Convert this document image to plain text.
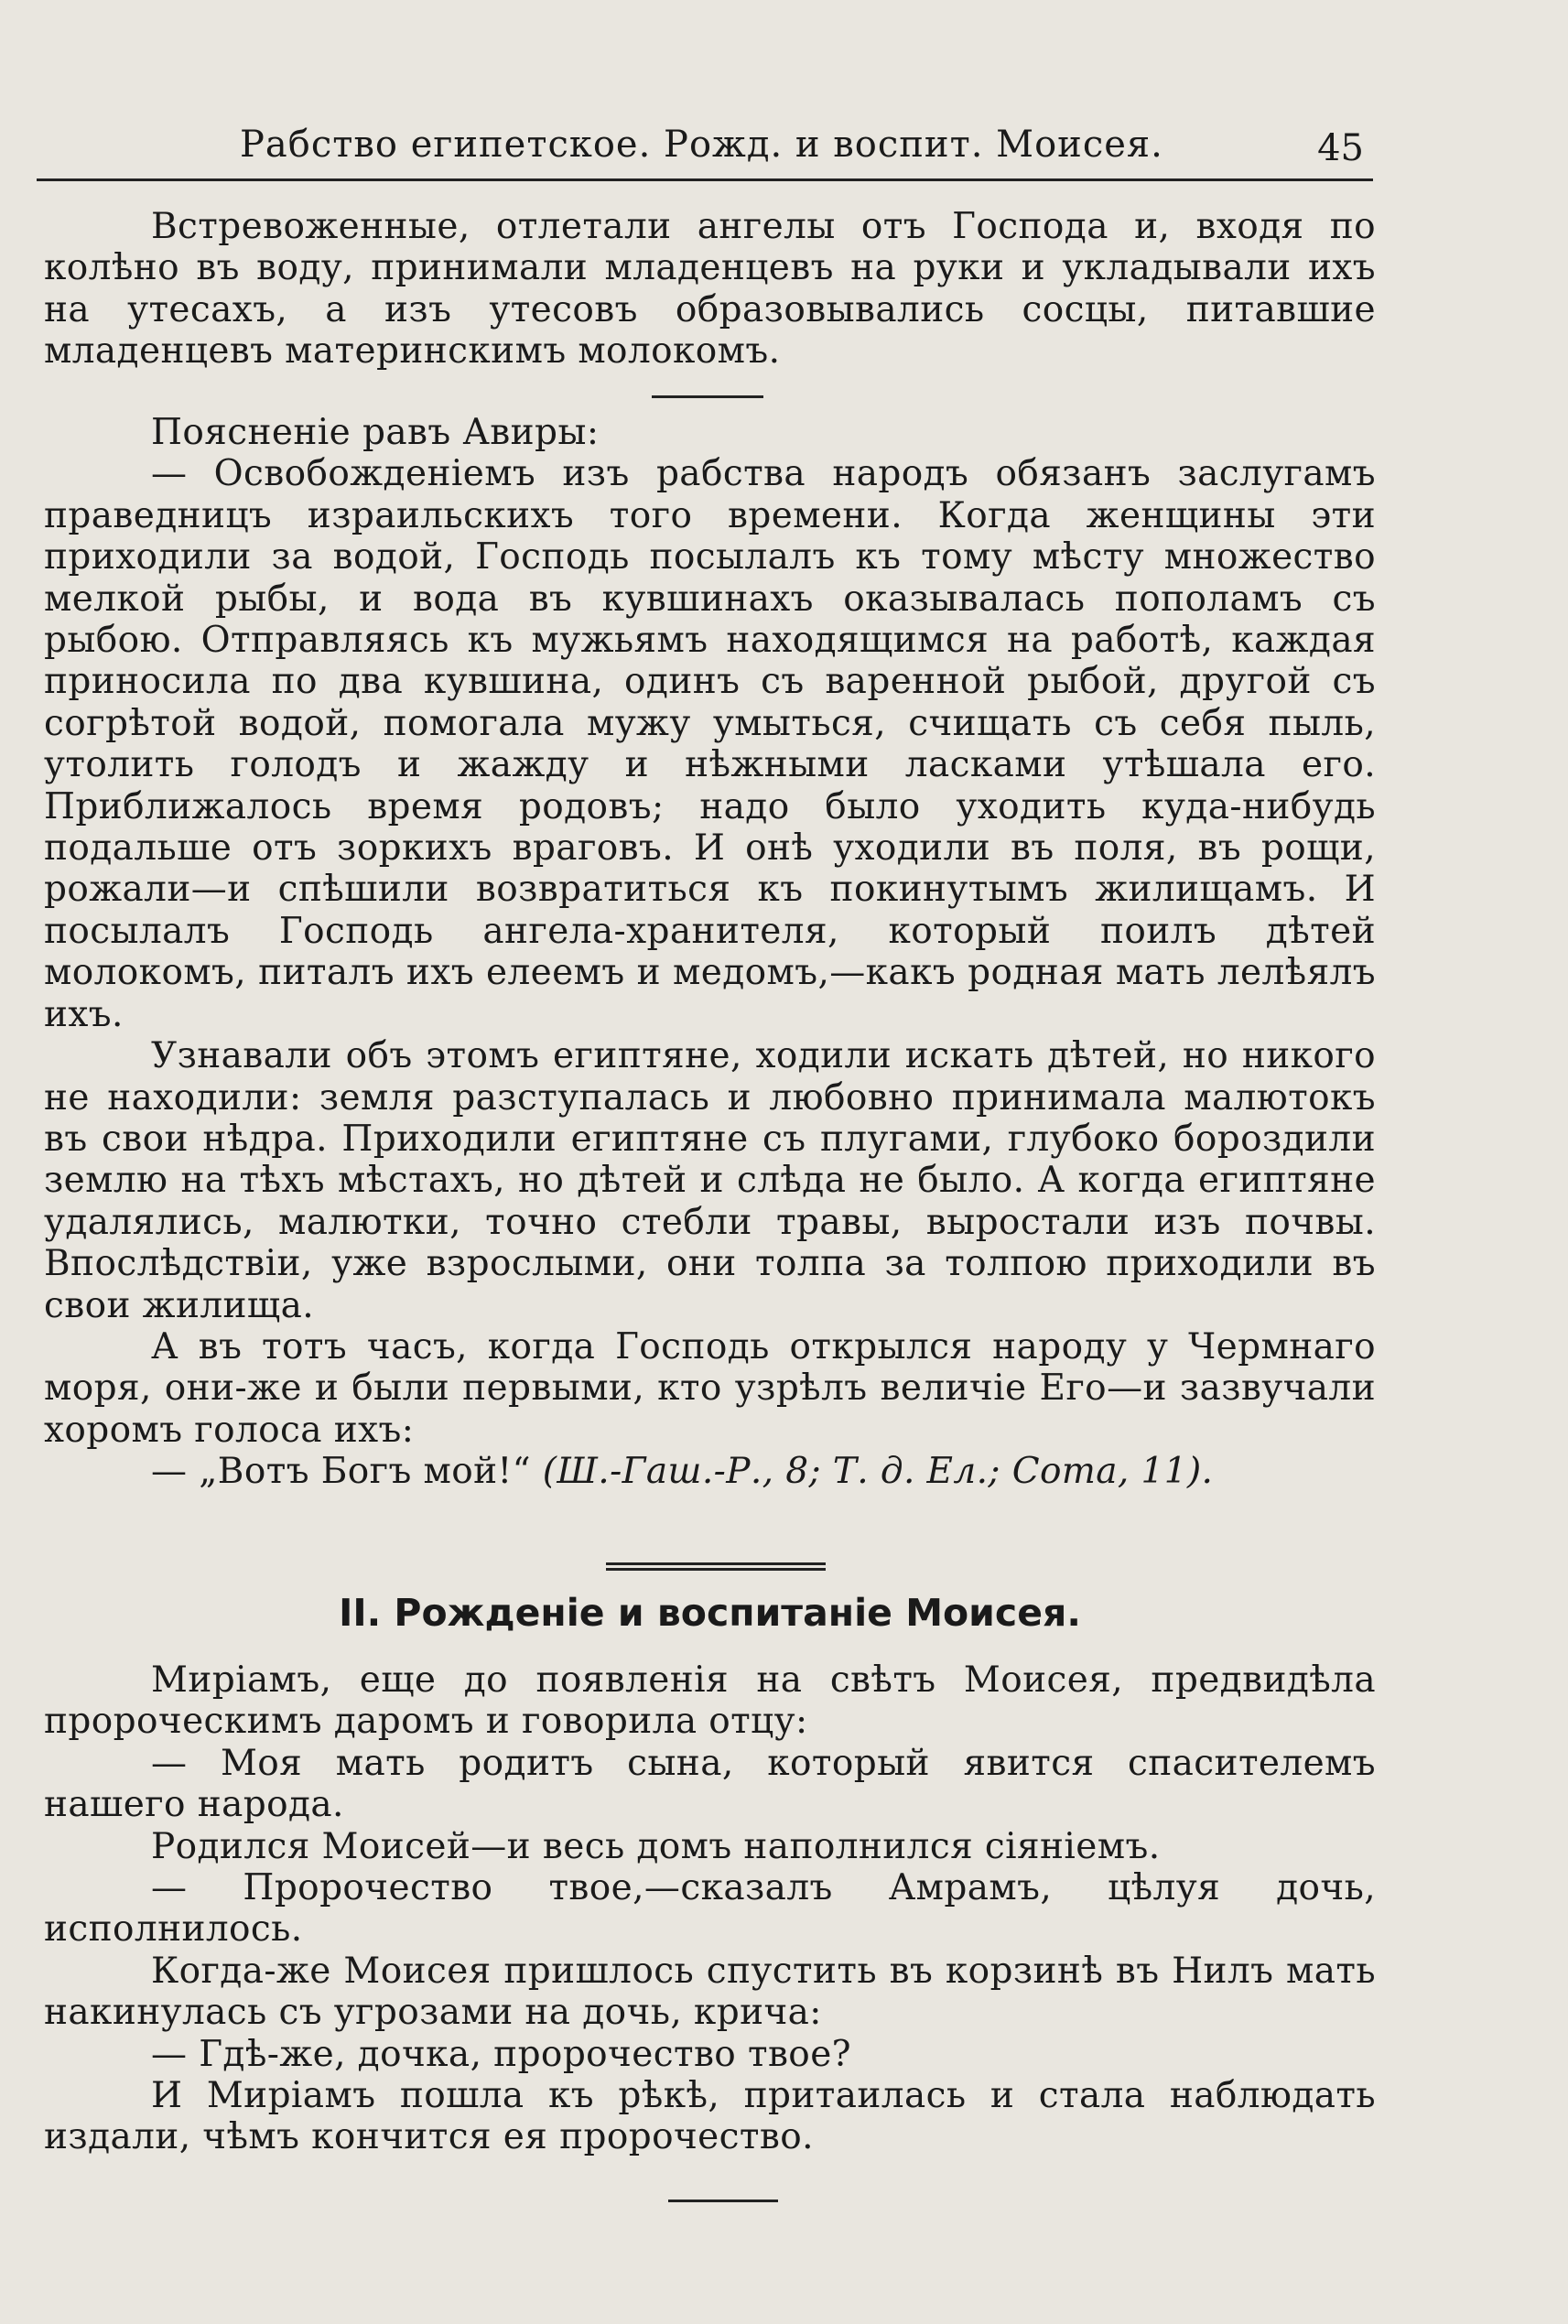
Рабство египетское. Рожд. и воспит. Моисея.	45

Встревоженные, отлетали ангелы отъ Господа и, входя по колѣно въ воду, принимали младенцевъ на руки и укладывали ихъ на утесахъ, а изъ утесовъ образовывались сосцы, питавшие младенцевъ материнскимъ молокомъ.

Поясненіе равъ Авиры:

— Освобожденіемъ изъ рабства народъ обязанъ заслугамъ праведницъ израильскихъ того времени. Когда женщины эти приходили за водой, Господь посылалъ къ тому мѣсту множество мелкой рыбы, и вода въ кувшинахъ оказывалась пополамъ съ рыбою. Отправляясь къ мужьямъ находящимся на работѣ, каждая приносила по два кувшина, одинъ съ варенной рыбой, другой съ согрѣтой водой, помогала мужу умыться, счищать съ себя пыль, утолить голодъ и жажду и нѣжными ласками утѣшала его. Приближалось время родовъ; надо было уходить куда-нибудь подальше отъ зоркихъ враговъ. И онѣ уходили въ поля, въ рощи, рожали—и спѣшили возвратиться къ покинутымъ жилищамъ. И посылалъ Господь ангела-хранителя, который поилъ дѣтей молокомъ, питалъ ихъ елеемъ и медомъ,—какъ родная мать лелѣялъ ихъ.

Узнавали объ этомъ египтяне, ходили искать дѣтей, но никого не находили: земля разступалась и любовно принимала малютокъ въ свои нѣдра. Приходили египтяне съ плугами, глубоко бороздили землю на тѣхъ мѣстахъ, но дѣтей и слѣда не было. А когда египтяне удалялись, малютки, точно стебли травы, выростали изъ почвы. Впослѣдствіи, уже взрослыми, они толпа за толпою приходили въ свои жилища.

А въ тотъ часъ, когда Господь открылся народу у Чермнаго моря, они-же и были первыми, кто узрѣлъ величіе Его—и зазвучали хоромъ голоса ихъ:

— „Вотъ Богъ мой!“ (Ш.-Гаш.-Р., 8; Т. д. Ел.; Сота, 11).

II. Рожденіе и воспитаніе Моисея.

Миріамъ, еще до появленія на свѣтъ Моисея, предвидѣла пророческимъ даромъ и говорила отцу:

— Моя мать родитъ сына, который явится спасителемъ нашего народа.

Родился Моисей—и весь домъ наполнился сіяніемъ.

— Пророчество твое,—сказалъ Амрамъ, цѣлуя дочь, исполнилось.

Когда-же Моисея пришлось спустить въ корзинѣ въ Нилъ мать накинулась съ угрозами на дочь, крича:

— Гдѣ-же, дочка, пророчество твое?

И Миріамъ пошла къ рѣкѣ, притаилась и стала наблюдать издали, чѣмъ кончится ея пророчество.
